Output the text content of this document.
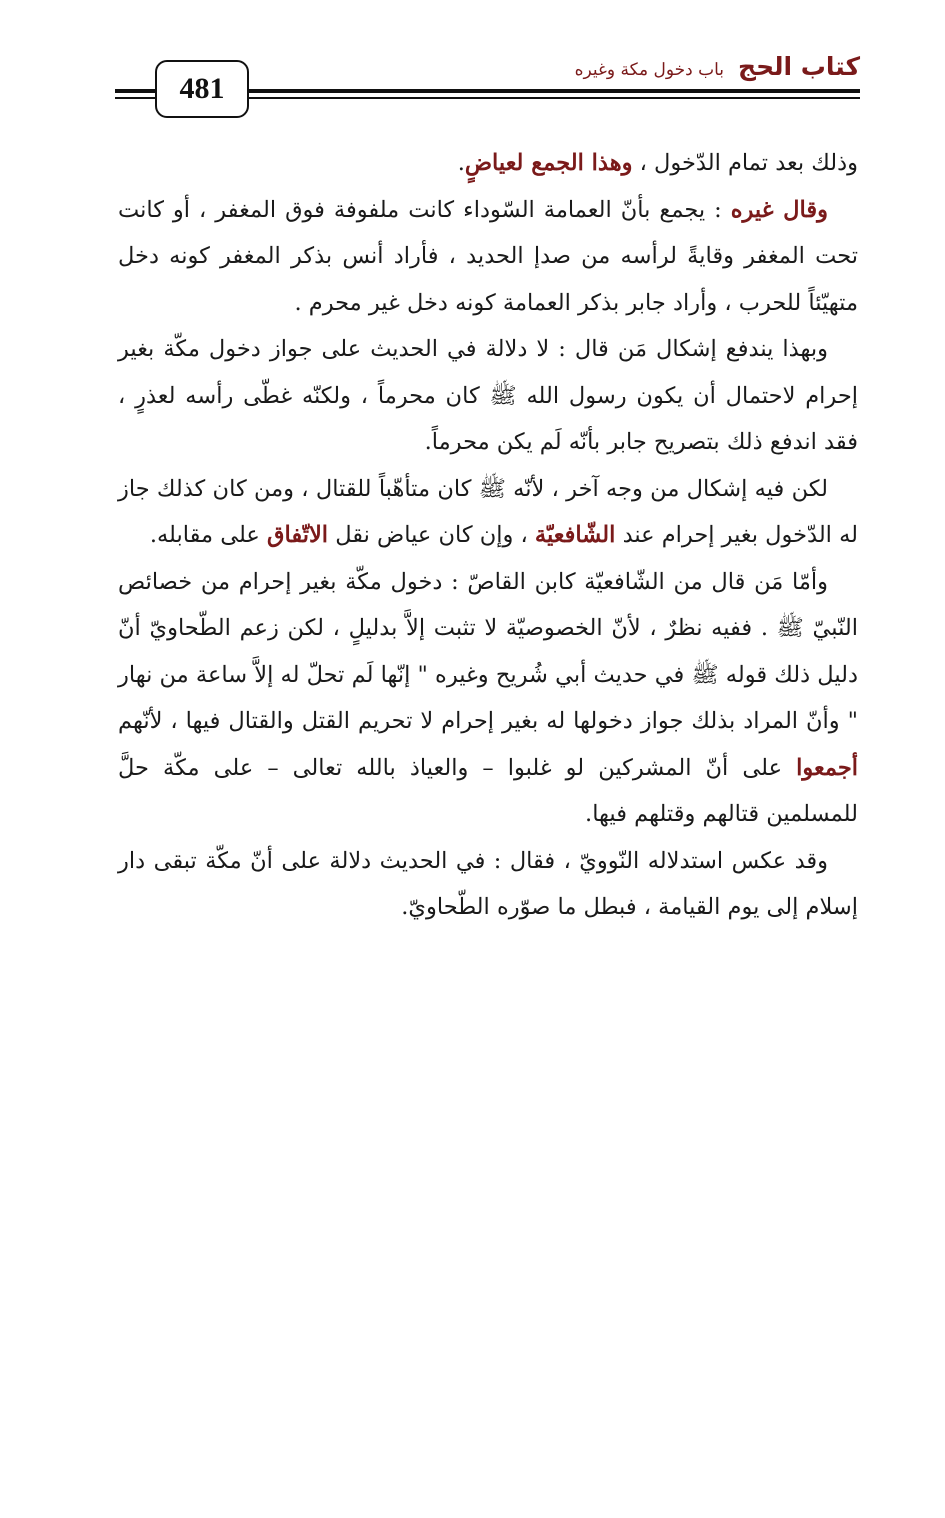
كتاب الحج
باب دخول مكة وغيره
481

وذلك بعد تمام الدّخول ، وهذا الجمع لعياضٍ.

وقال غيره : يجمع بأنّ العمامة السّوداء كانت ملفوفة فوق المغفر ، أو كانت تحت المغفر وقايةً لرأسه من صدإ الحديد ، فأراد أنس بذكر المغفر كونه دخل متهيّئاً للحرب ، وأراد جابر بذكر العمامة كونه دخل غير محرم .

وبهذا يندفع إشكال مَن قال : لا دلالة في الحديث على جواز دخول مكّة بغير إحرام لاحتمال أن يكون رسول الله ﷺ كان محرماً ، ولكنّه غطّى رأسه لعذرٍ ، فقد اندفع ذلك بتصريح جابر بأنّه لَم يكن محرماً.

لكن فيه إشكال من وجه آخر ، لأنّه ﷺ كان متأهّباً للقتال ، ومن كان كذلك جاز له الدّخول بغير إحرام عند الشّافعيّة ، وإن كان عياض نقل الاتّفاق على مقابله.

وأمّا مَن قال من الشّافعيّة كابن القاصّ : دخول مكّة بغير إحرام من خصائص النّبيّ ﷺ . ففيه نظرٌ ، لأنّ الخصوصيّة لا تثبت إلاَّ بدليلٍ ، لكن زعم الطّحاويّ أنّ دليل ذلك قوله ﷺ في حديث أبي شُريح وغيره " إنّها لَم تحلّ له إلاَّ ساعة من نهار " وأنّ المراد بذلك جواز دخولها له بغير إحرام لا تحريم القتل والقتال فيها ، لأنّهم أجمعوا على أنّ المشركين لو غلبوا – والعياذ بالله تعالى – على مكّة حلَّ للمسلمين قتالهم وقتلهم فيها.

وقد عكس استدلاله النّوويّ ، فقال : في الحديث دلالة على أنّ مكّة تبقى دار إسلام إلى يوم القيامة ، فبطل ما صوّره الطّحاويّ.
